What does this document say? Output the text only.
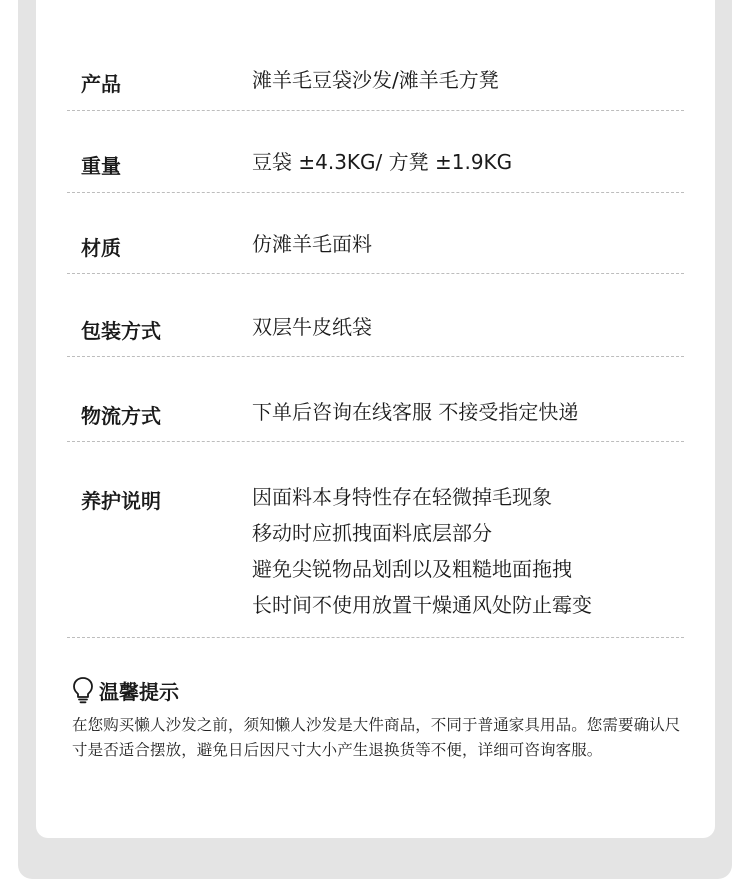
产品	滩羊毛豆袋沙发/滩羊毛方凳
重量	豆袋 ±4.3KG/ 方凳 ±1.9KG
材质	仿滩羊毛面料
包装方式	双层牛皮纸袋
物流方式	下单后咨询在线客服 不接受指定快递
养护说明	因面料本身特性存在轻微掉毛现象
移动时应抓拽面料底层部分
避免尖锐物品划刮以及粗糙地面拖拽
长时间不使用放置干燥通风处防止霉变
温馨提示
在您购买懒人沙发之前，须知懒人沙发是大件商品，不同于普通家具用品。您需要确认尺寸是否适合摆放，避免日后因尺寸大小产生退换货等不便，详细可咨询客服。
